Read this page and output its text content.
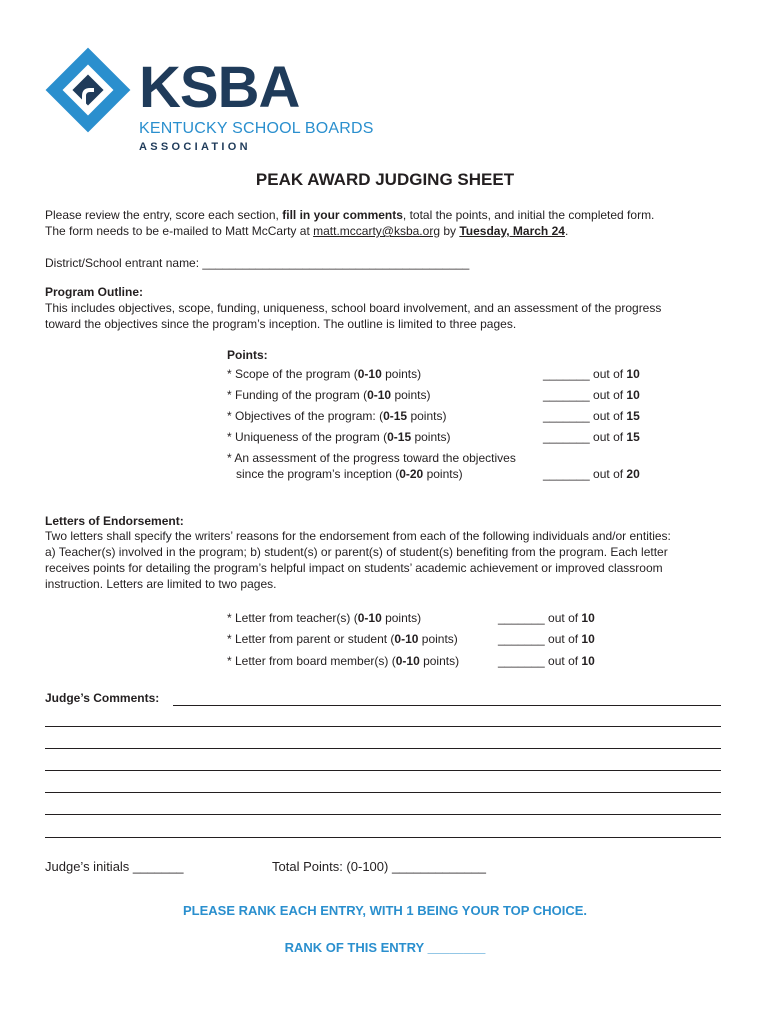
KSBA
KENTUCKY SCHOOL BOARDS
ASSOCIATION
PEAK AWARD JUDGING SHEET
Please review the entry, score each section, fill in your comments, total the points, and initial the completed form.
The form needs to be e-mailed to Matt McCarty at matt.mccarty@ksba.org by Tuesday, March 24.
District/School entrant name: ________________________________________
Program Outline:
This includes objectives, scope, funding, uniqueness, school board involvement, and an assessment of the progress
toward the objectives since the program’s inception. The outline is limited to three pages.
Points:
* Scope of the program (0-10 points)	_______ out of 10
* Funding of the program (0-10 points)	_______ out of 10
* Objectives of the program: (0-15 points)	_______ out of 15
* Uniqueness of the program (0-15 points)	_______ out of 15
* An assessment of the progress toward the objectives
since the program’s inception (0-20 points)	_______ out of 20
Letters of Endorsement:
Two letters shall specify the writers’ reasons for the endorsement from each of the following individuals and/or entities:
a) Teacher(s) involved in the program; b) student(s) or parent(s) of student(s) benefiting from the program. Each letter
receives points for detailing the program’s helpful impact on students’ academic achievement or improved classroom
instruction. Letters are limited to two pages.
* Letter from teacher(s) (0-10 points)	_______ out of 10
* Letter from parent or student (0-10 points)	_______ out of 10
* Letter from board member(s) (0-10 points)	_______ out of 10
Judge’s Comments:
Judge’s initials _______	Total Points: (0-100) _____________
PLEASE RANK EACH ENTRY, WITH 1 BEING YOUR TOP CHOICE.
RANK OF THIS ENTRY ________
